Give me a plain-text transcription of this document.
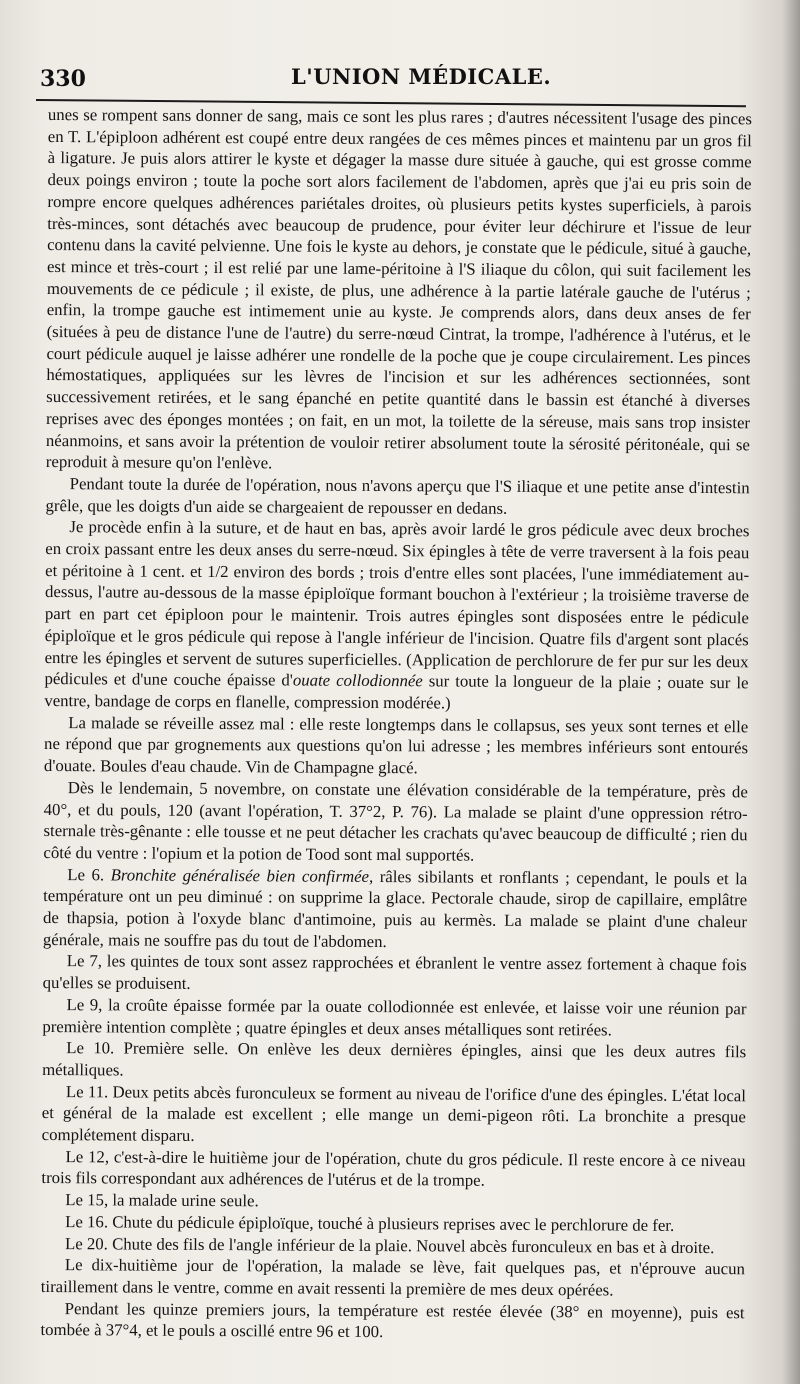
330	L'UNION MÉDICALE.

unes se rompent sans donner de sang, mais ce sont les plus rares ; d'autres nécessitent l'usage des pinces en T. L'épiploon adhérent est coupé entre deux rangées de ces mêmes pinces et maintenu par un gros fil à ligature. Je puis alors attirer le kyste et dégager la masse dure située à gauche, qui est grosse comme deux poings environ ; toute la poche sort alors facilement de l'abdomen, après que j'ai eu pris soin de rompre encore quelques adhérences pariétales droites, où plusieurs petits kystes superficiels, à parois très-minces, sont détachés avec beaucoup de prudence, pour éviter leur déchirure et l'issue de leur contenu dans la cavité pelvienne. Une fois le kyste au dehors, je constate que le pédicule, situé à gauche, est mince et très-court ; il est relié par une lame-péritoine à l'S iliaque du côlon, qui suit facilement les mouvements de ce pédicule ; il existe, de plus, une adhérence à la partie latérale gauche de l'utérus ; enfin, la trompe gauche est intimement unie au kyste. Je comprends alors, dans deux anses de fer (situées à peu de distance l'une de l'autre) du serre-nœud Cintrat, la trompe, l'adhérence à l'utérus, et le court pédicule auquel je laisse adhérer une rondelle de la poche que je coupe circulairement. Les pinces hémostatiques, appliquées sur les lèvres de l'incision et sur les adhérences sectionnées, sont successivement retirées, et le sang épanché en petite quantité dans le bassin est étanché à diverses reprises avec des éponges montées ; on fait, en un mot, la toilette de la séreuse, mais sans trop insister néanmoins, et sans avoir la prétention de vouloir retirer absolument toute la sérosité péritonéale, qui se reproduit à mesure qu'on l'enlève.

Pendant toute la durée de l'opération, nous n'avons aperçu que l'S iliaque et une petite anse d'intestin grêle, que les doigts d'un aide se chargeaient de repousser en dedans.

Je procède enfin à la suture, et de haut en bas, après avoir lardé le gros pédicule avec deux broches en croix passant entre les deux anses du serre-nœud. Six épingles à tête de verre traversent à la fois peau et péritoine à 1 cent. et 1/2 environ des bords ; trois d'entre elles sont placées, l'une immédiatement au-dessus, l'autre au-dessous de la masse épiploïque formant bouchon à l'extérieur ; la troisième traverse de part en part cet épiploon pour le maintenir. Trois autres épingles sont disposées entre le pédicule épiploïque et le gros pédicule qui repose à l'angle inférieur de l'incision. Quatre fils d'argent sont placés entre les épingles et servent de sutures superficielles. (Application de perchlorure de fer pur sur les deux pédicules et d'une couche épaisse d'ouate collodionnée sur toute la longueur de la plaie ; ouate sur le ventre, bandage de corps en flanelle, compression modérée.)

La malade se réveille assez mal : elle reste longtemps dans le collapsus, ses yeux sont ternes et elle ne répond que par grognements aux questions qu'on lui adresse ; les membres inférieurs sont entourés d'ouate. Boules d'eau chaude. Vin de Champagne glacé.

Dès le lendemain, 5 novembre, on constate une élévation considérable de la température, près de 40°, et du pouls, 120 (avant l'opération, T. 37°2, P. 76). La malade se plaint d'une oppression rétro-sternale très-gênante : elle tousse et ne peut détacher les crachats qu'avec beaucoup de difficulté ; rien du côté du ventre : l'opium et la potion de Tood sont mal supportés.

Le 6. Bronchite généralisée bien confirmée, râles sibilants et ronflants ; cependant, le pouls et la température ont un peu diminué : on supprime la glace. Pectorale chaude, sirop de capillaire, emplâtre de thapsia, potion à l'oxyde blanc d'antimoine, puis au kermès. La malade se plaint d'une chaleur générale, mais ne souffre pas du tout de l'abdomen.

Le 7, les quintes de toux sont assez rapprochées et ébranlent le ventre assez fortement à chaque fois qu'elles se produisent.

Le 9, la croûte épaisse formée par la ouate collodionnée est enlevée, et laisse voir une réunion par première intention complète ; quatre épingles et deux anses métalliques sont retirées.

Le 10. Première selle. On enlève les deux dernières épingles, ainsi que les deux autres fils métalliques.

Le 11. Deux petits abcès furonculeux se forment au niveau de l'orifice d'une des épingles. L'état local et général de la malade est excellent ; elle mange un demi-pigeon rôti. La bronchite a presque complétement disparu.

Le 12, c'est-à-dire le huitième jour de l'opération, chute du gros pédicule. Il reste encore à ce niveau trois fils correspondant aux adhérences de l'utérus et de la trompe.

Le 15, la malade urine seule.

Le 16. Chute du pédicule épiploïque, touché à plusieurs reprises avec le perchlorure de fer.

Le 20. Chute des fils de l'angle inférieur de la plaie. Nouvel abcès furonculeux en bas et à droite.

Le dix-huitième jour de l'opération, la malade se lève, fait quelques pas, et n'éprouve aucun tiraillement dans le ventre, comme en avait ressenti la première de mes deux opérées.

Pendant les quinze premiers jours, la température est restée élevée (38° en moyenne), puis est tombée à 37°4, et le pouls a oscillé entre 96 et 100.
